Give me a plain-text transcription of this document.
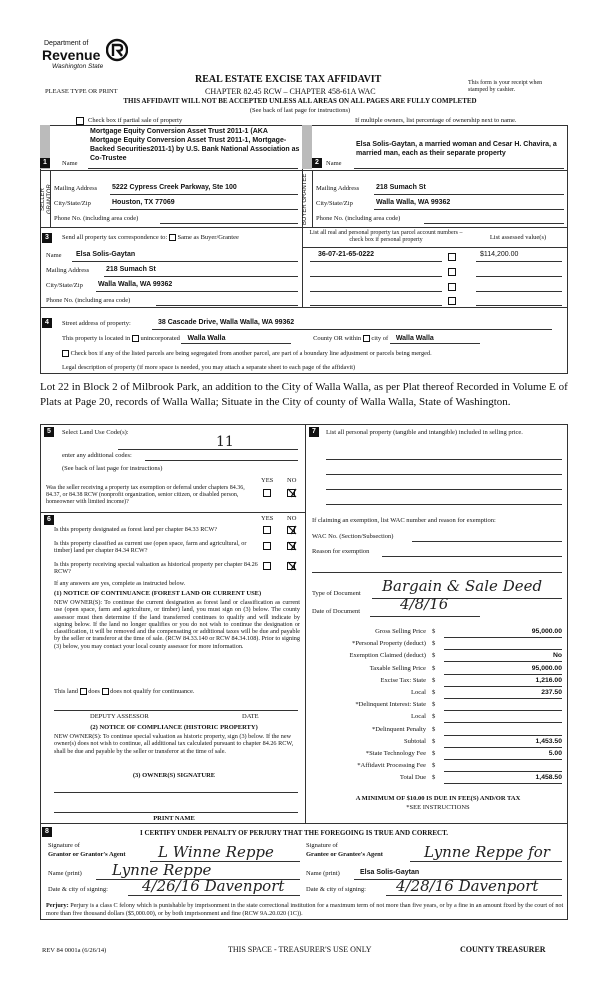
Department of
Revenue
Washington State
REAL ESTATE EXCISE TAX AFFIDAVIT
PLEASE TYPE OR PRINT	CHAPTER 82.45 RCW – CHAPTER 458-61A WAC
This form is your receipt when stamped by cashier.
THIS AFFIDAVIT WILL NOT BE ACCEPTED UNLESS ALL AREAS ON ALL PAGES ARE FULLY COMPLETED
(See back of last page for instructions)
Check box if partial sale of property	If multiple owners, list percentage of ownership next to name.
1	2
SELLER GRANTOR	BUYER GRANTEE
Name
Mortgage Equity Conversion Asset Trust 2011-1 (AKA Mortgage Equity Conversion Asset Trust 2011-1, Mortgage-Backed Securities2011-1) by U.S. Bank National Association as Co-Trustee
Name
Elsa Solis-Gaytan, a married woman and Cesar H. Chavira, a married man, each as their separate property
Mailing Address 5222 Cypress Creek Parkway, Ste 100
City/State/Zip	Houston, TX 77069
Phone No. (including area code)
Mailing Address 218 Sumach St
City/State/Zip	Walla Walla, WA 99362
Phone No. (including area code)
3	Send all property tax correspondence to: Same as Buyer/Grantee
List all real and personal property tax parcel account numbers – check box if personal property	List assessed value(s)
Name Elsa Solis-Gaytan
Mailing Address 218 Sumach St
City/State/Zip Walla Walla, WA 99362
Phone No. (including area code)
36-07-21-65-0222	$114,200.00
4	Street address of property:	38 Cascade Drive, Walla Walla, WA 99362
This property is located in unincorporated Walla Walla	County OR within city of Walla Walla
Check box if any of the listed parcels are being segregated from another parcel, are part of a boundary line adjustment or parcels being merged.
Legal description of property (if more space is needed, you may attach a separate sheet to each page of the affidavit)
Lot 22 in Block 2 of Milbrook Park, an addition to the City of Walla Walla, as per Plat thereof Recorded in Volume E of Plats at Page 20, records of Walla Walla; Situate in the City of county of Walla Walla, State of Washington.
5	Select Land Use Code(s):
11
enter any additional codes:
(See back of last page for instructions)
YES NO
Was the seller receiving a property tax exemption or deferral under chapters 84.36, 84.37, or 84.38 RCW (nonprofit organization, senior citizen, or disabled person, homeowner with limited income)?
6	YES NO
Is this property designated as forest land per chapter 84.33 RCW?
Is this property classified as current use (open space, farm and agricultural, or timber) land per chapter 84.34 RCW?
Is this property receiving special valuation as historical property per chapter 84.26 RCW?
If any answers are yes, complete as instructed below.
(1) NOTICE OF CONTINUANCE (FOREST LAND OR CURRENT USE)
NEW OWNER(S): To continue the current designation as forest land or classification as current use (open space, farm and agriculture, or timber) land, you must sign on (3) below. The county assessor must then determine if the land transferred continues to qualify and will indicate by signing below. If the land no longer qualifies or you do not wish to continue the designation or classification, it will be removed and the compensating or additional taxes will be due and payable by the seller or transferor at the time of sale. (RCW 84.33.140 or RCW 84.34.108). Prior to signing (3) below, you may contact your local county assessor for more information.
This land does does not qualify for continuance.
DEPUTY ASSESSOR	DATE
(2) NOTICE OF COMPLIANCE (HISTORIC PROPERTY)
NEW OWNER(S): To continue special valuation as historic property, sign (3) below. If the new owner(s) does not wish to continue, all additional tax calculated pursuant to chapter 84.26 RCW, shall be due and payable by the seller or transferor at the time of sale.
(3) OWNER(S) SIGNATURE
PRINT NAME
7	List all personal property (tangible and intangible) included in selling price.
If claiming an exemption, list WAC number and reason for exemption:
WAC No. (Section/Subsection)
Reason for exemption
Type of Document Bargain & Sale Deed
Date of Document	4/8/16
Gross Selling Price $	95,000.00
*Personal Property (deduct) $
Exemption Claimed (deduct) $	No
Taxable Selling Price $	95,000.00
Excise Tax: State $	1,216.00
Local $	237.50
*Delinquent Interest: State $
Local $
*Delinquent Penalty $
Subtotal $	1,453.50
*State Technology Fee $	5.00
*Affidavit Processing Fee $
Total Due $	1,458.50
A MINIMUM OF $10.00 IS DUE IN FEE(S) AND/OR TAX
*SEE INSTRUCTIONS
8	I CERTIFY UNDER PENALTY OF PERJURY THAT THE FOREGOING IS TRUE AND CORRECT.
Signature of
Grantor or Grantor's Agent L Winne Reppe
Name (print) Lynne Reppe
Date & city of signing: 4/26/16 Davenport
Signature of
Grantee or Grantee's Agent	Lynne Reppe for
Name (print)	Elsa Solis-Gaytan
Date & city of signing: 4/28/16 Davenport
Perjury: Perjury is a class C felony which is punishable by imprisonment in the state correctional institution for a maximum term of not more than five years, or by a fine in an amount fixed by the court of not more than five thousand dollars ($5,000.00), or by both imprisonment and fine (RCW 9A.20.020 (1C)).
REV 84 0001a (6/26/14)	THIS SPACE - TREASURER'S USE ONLY	COUNTY TREASURER
